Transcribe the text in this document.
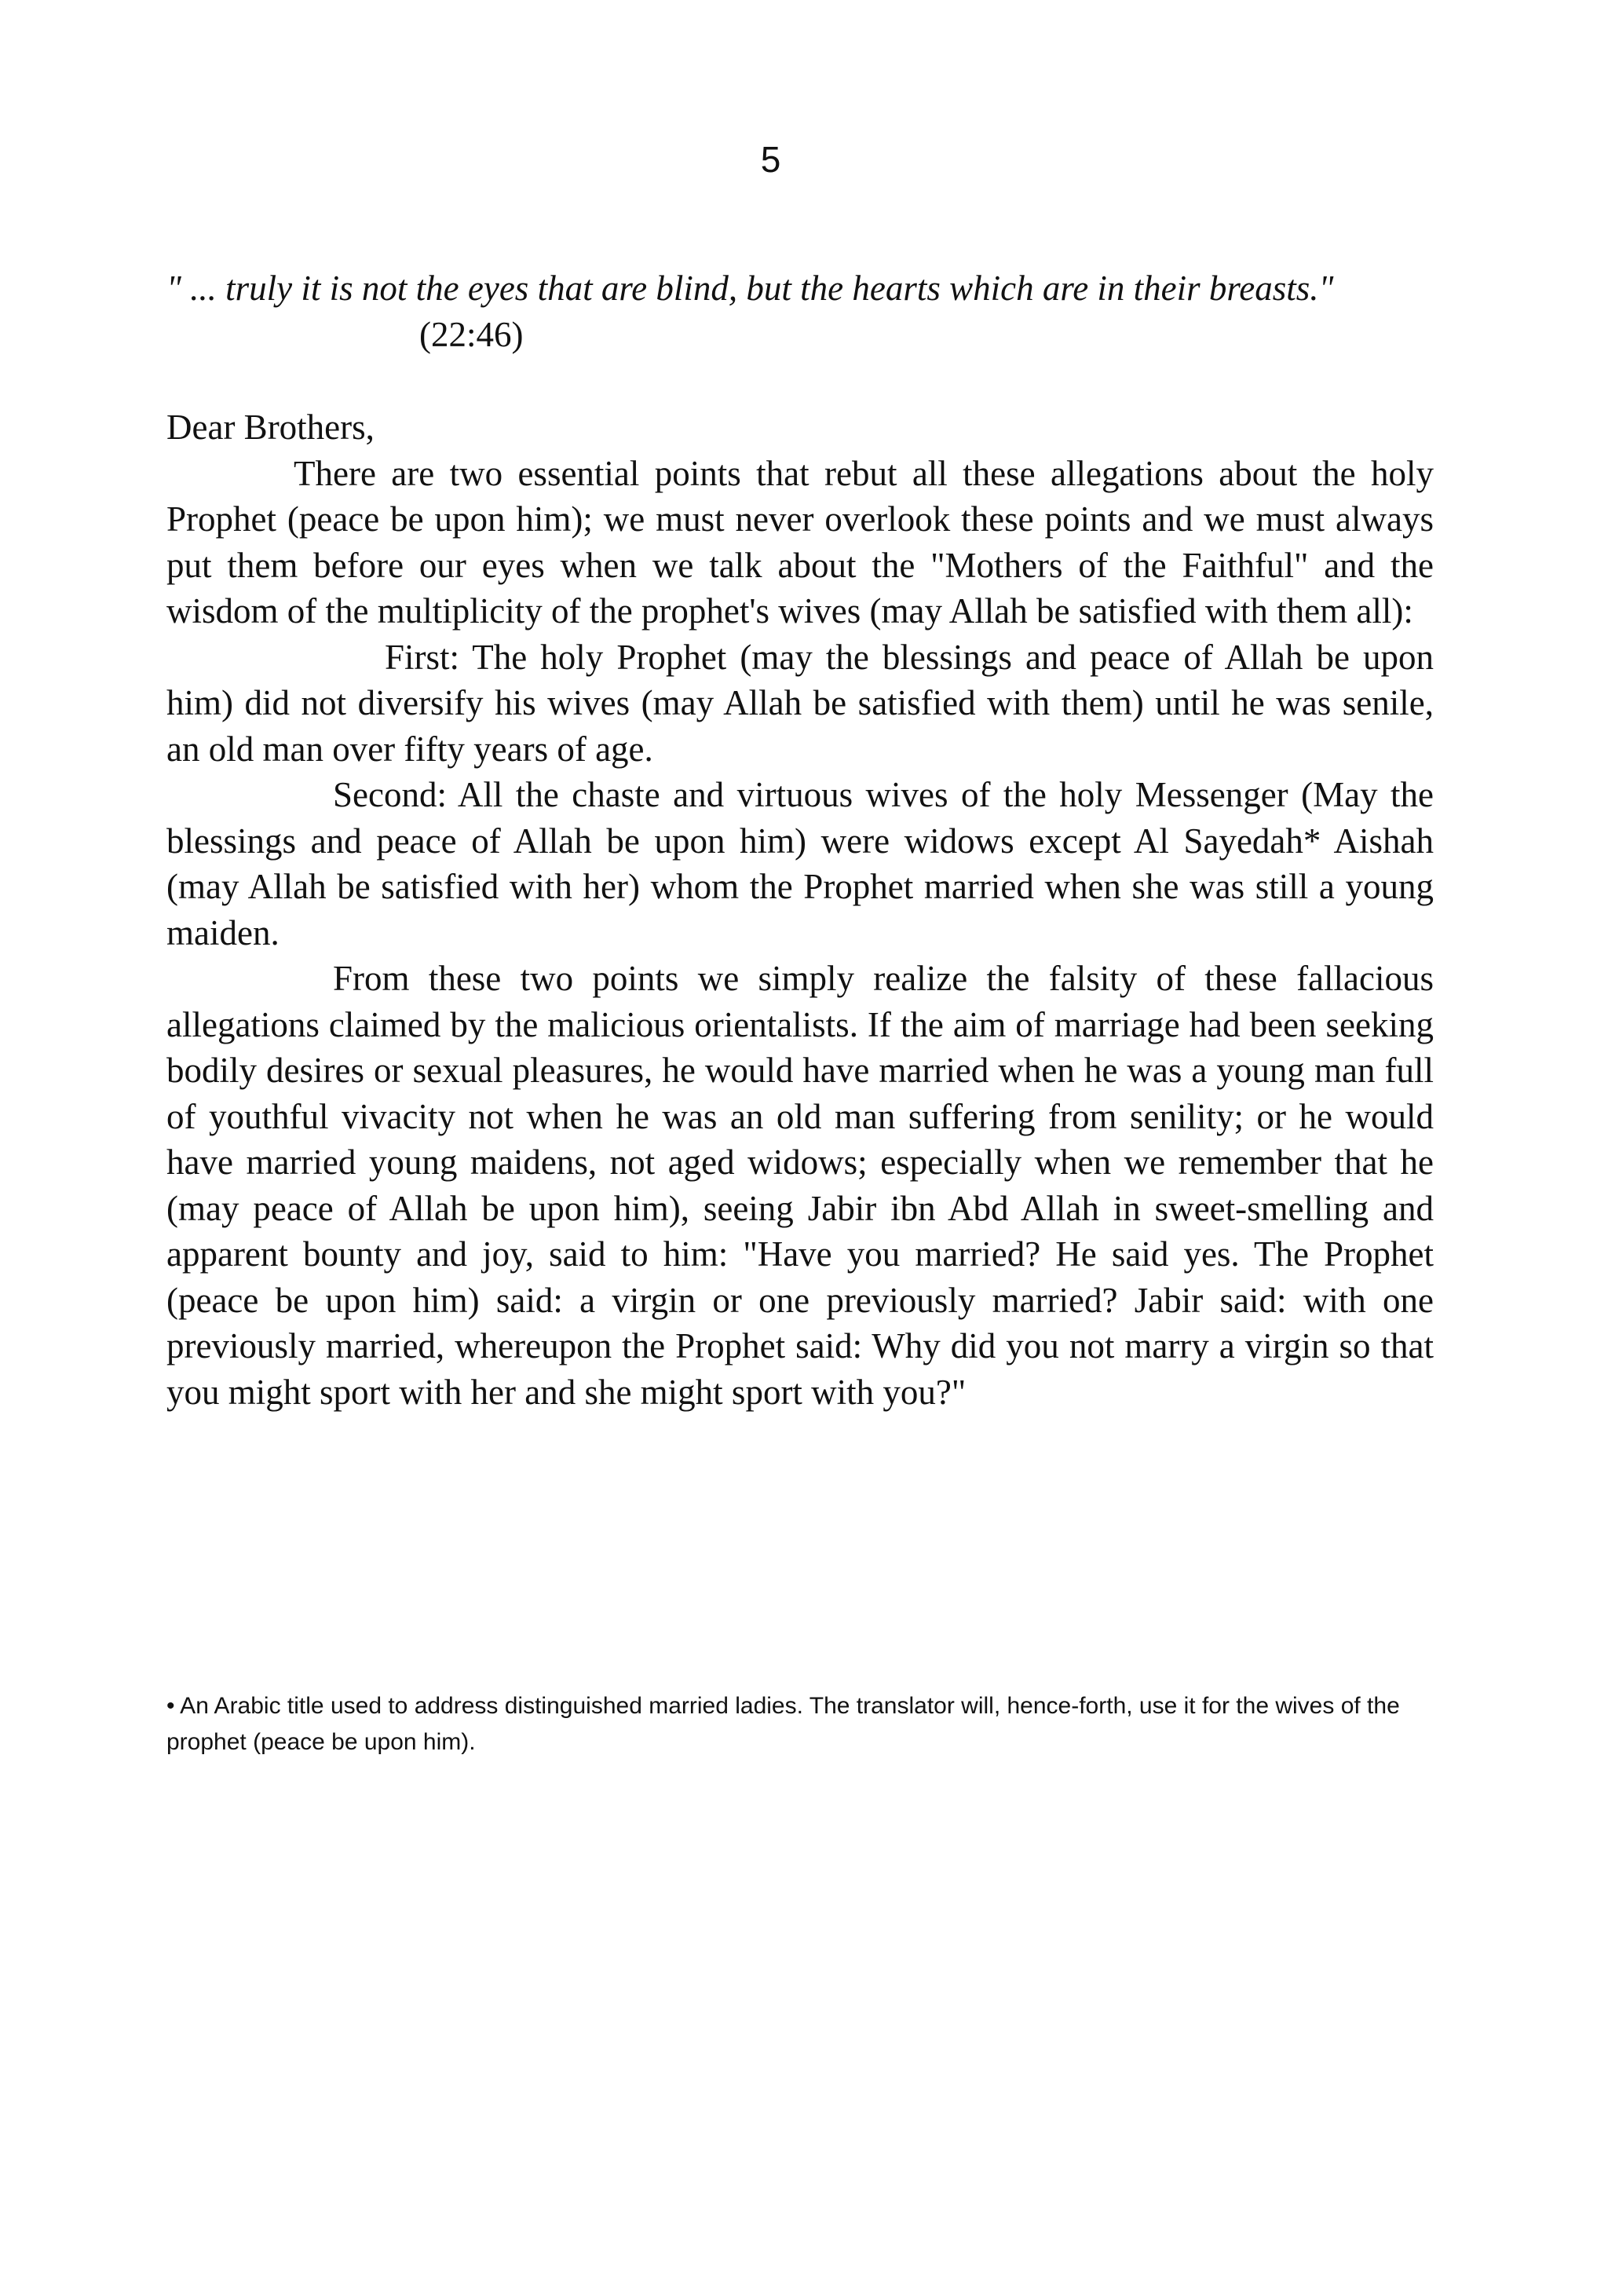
5

" ... truly it is not the eyes that are blind, but the hearts which are in their breasts."

(22:46)

Dear Brothers,

There are two essential points that rebut all these allegations about the holy Prophet (peace be upon him); we must never overlook these points and we must always put them before our eyes when we talk about the "Mothers of the Faithful" and the wisdom of the multiplicity of the prophet's wives (may Allah be satisfied with them all):

First: The holy Prophet (may the blessings and peace of Allah be upon him) did not diversify his wives (may Allah be satisfied with them) until he was senile, an old man over fifty years of age.

Second: All the chaste and virtuous wives of the holy Messenger (May the blessings and peace of Allah be upon him) were widows except Al Sayedah* Aishah (may Allah be satisfied with her) whom the Prophet married when she was still a young maiden.

From these two points we simply realize the falsity of these fallacious allegations claimed by the malicious orientalists. If the aim of marriage had been seeking bodily desires or sexual pleasures, he would have married when he was a young man full of youthful vivacity not when he was an old man suffering from senility; or he would have married young maidens, not aged widows; especially when we remember that he (may peace of Allah be upon him), seeing Jabir ibn Abd Allah in sweet-smelling and apparent bounty and joy, said to him: "Have you married? He said yes. The Prophet (peace be upon him) said: a virgin or one previously married? Jabir said: with one previously married, whereupon the Prophet said: Why did you not marry a virgin so that you might sport with her and she might sport with you?"

• An Arabic title used to address distinguished married ladies. The translator will, hence-forth, use it for the wives of the prophet (peace be upon him).
